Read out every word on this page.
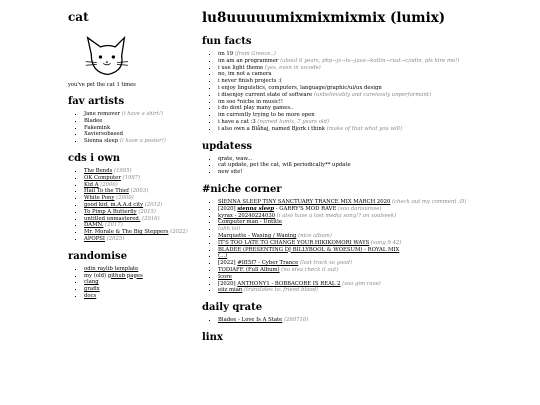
cat

you've pet the cat 1 times

fav artists
▪ Jane remover (i have a shirt!)
▪ Bladee
▪ Fakemink
▪ Xaviersobased
▪ Sienna sleep (i have a poster!)
cds i own
▪ The Bends (1995)
▪ OK Computer (1997)
▪ Kid A (2000)
▪ Hail To the Thief (2003)
▪ White Pony (2000)
▪ good kid, m.A.A.d city (2012)
▪ To Pimp A Butterfly (2015)
▪ untitled unmastered. (2016)
▪ DAMN. (2017)
▪ Mr. Morale & The Big Steppers (2022)
▪ APOPSI (2025)
randomise
▪ odin raylib template
▪ my (old) github pages
▪ clang
▪ grafix
▪ docs
lu8uuuuumixmixmixmix (lumix)
fun facts
▪ im 19 (from Greece..)
▪ im am an programmer (about 6 years, php→js→ts→java→kotlin→rust→c/odin, pls hire me!)
▪ i use light theme (yes, even in vscode)
▪ no, im not a camera
▪ i never finish projects :(
▪ i enjoy linguistics, computers, language/graphic/ui/ux design
▪ i disenjoy current state of software (unbelievably and carelessly unperformant)
▪ im soo *niche in music!!
▪ i do dont play many games..
▪ im currently trying to be more open
▪ i have a cat :3 (named lumix, 7 years old)
▪ i also own a Blåhaj, named Bjork i think (make of that what you will)
updatess
▪ qrate, waw...
▪ cat update, pet the cat, will periodically** update
▪ new site!
#niche corner
▪ SIENNA SLEEP TINY SANCTUARY TRANCE MIX MARCH 2020 (check out my comment :D)
▪ [2020] sienna sleep - GARRY'S MOD RAVE (soo darisurose)
▪ kyrax - 20240224030 (i also have a lost media song!? on soulseek)
▪ Computer man - Untitle
▪ (ahh lol)
▪ Marquette - Waxing / Waning (nice album)
▪ IT'S TOO LATE TO CHANGE YOUR HIKIKOMORI WAYS (song 9 42)
▪ BLADEE (PRESENTING DJ BILLYBOOL & WOESUM) - ROYAL MIX
▪ (...)
▪ [2022] #IfI5f7 - Cyber Trance (last track so good)
▪ TODIAFF. (Full Album) (no idea check it out)
▪ Icore
▪ [2020] ANTHONY1 - BOBBACORE IS REAL 2 (soo gim rave)
▪ eiiz mian (translates to: friend blood)
daily qrate
▪ Bladee - Love Is A State (260716)
linx
